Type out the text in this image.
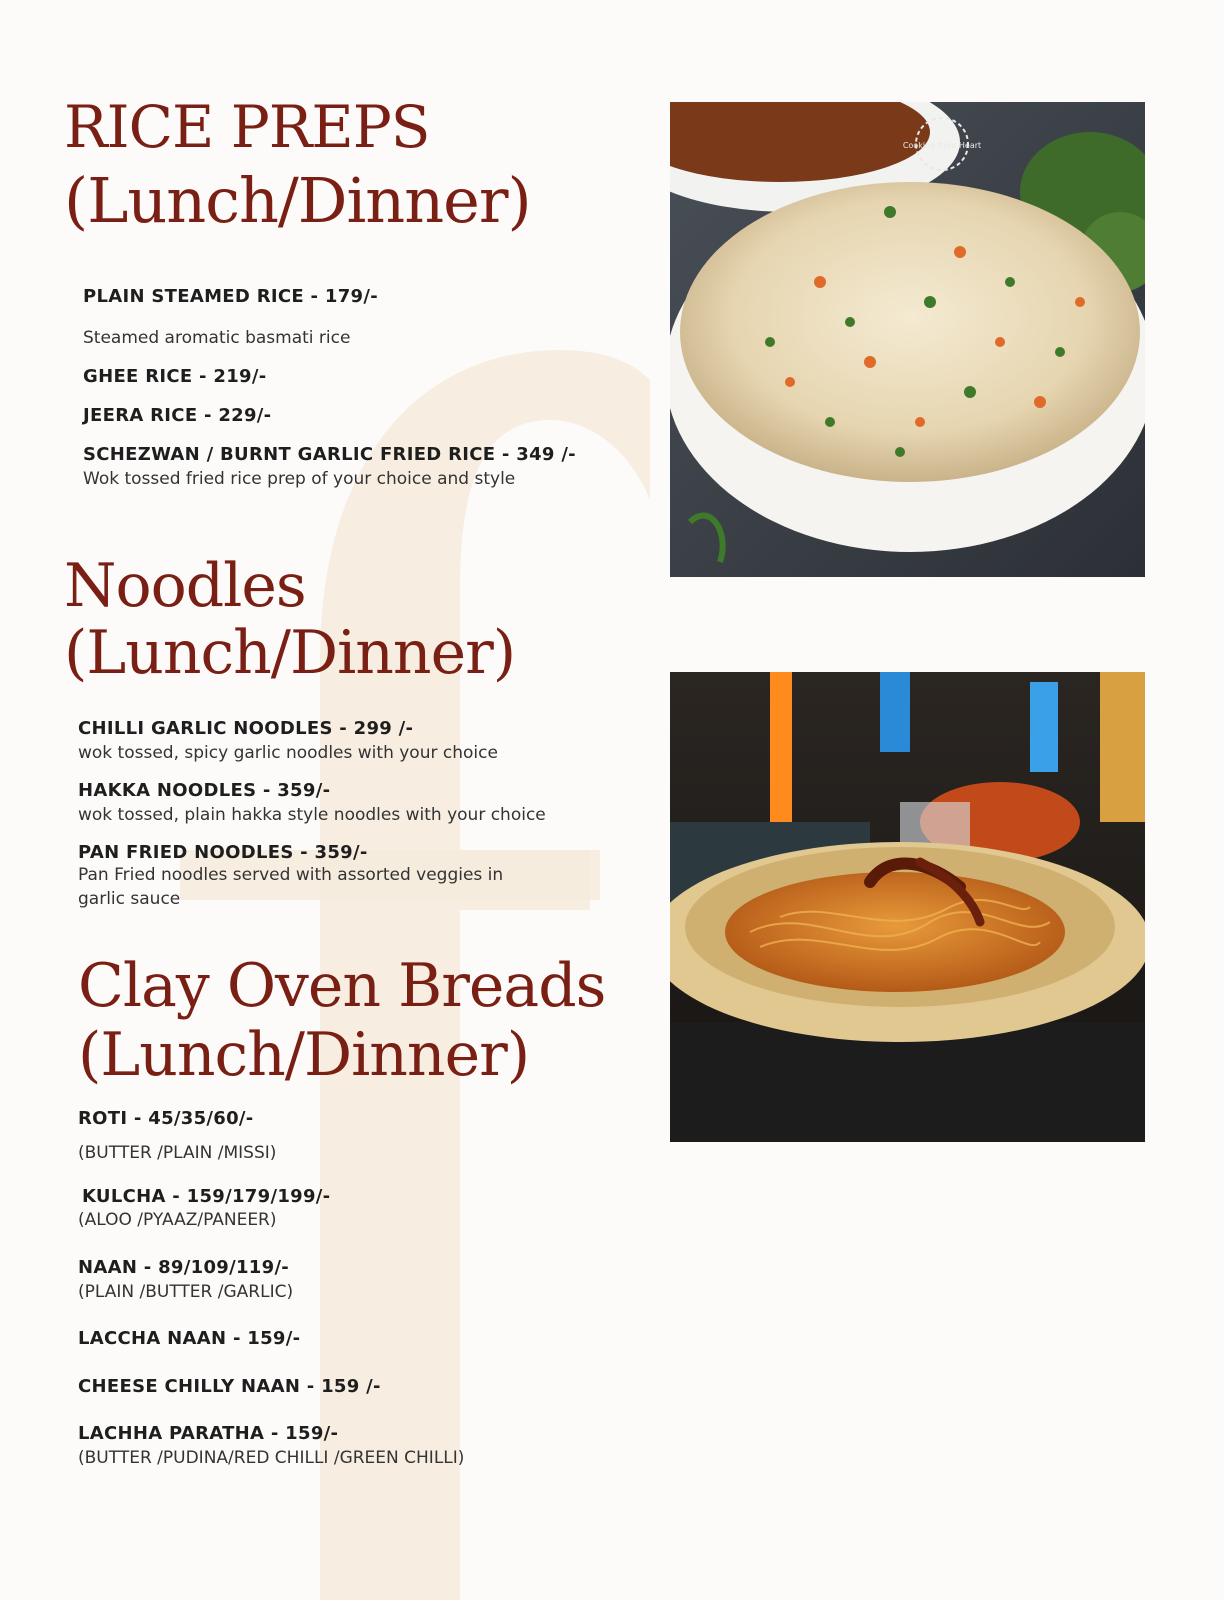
RICE PREPS
(Lunch/Dinner)
PLAIN STEAMED RICE - 179/-
Steamed aromatic basmati rice
GHEE RICE - 219/-
JEERA RICE - 229/-
SCHEZWAN / BURNT GARLIC FRIED RICE - 349 /-
Wok tossed fried rice prep of your choice and style
Noodles
(Lunch/Dinner)
CHILLI GARLIC NOODLES - 299 /-
wok tossed, spicy garlic noodles with your choice
HAKKA NOODLES - 359/-
wok tossed, plain hakka style noodles with your choice
PAN FRIED NOODLES - 359/-
Pan Fried noodles served with assorted veggies in
garlic sauce
Clay Oven Breads
(Lunch/Dinner)
ROTI - 45/35/60/-
(BUTTER /PLAIN /MISSI)
KULCHA - 159/179/199/-
(ALOO /PYAAZ/PANEER)
NAAN - 89/109/119/-
(PLAIN /BUTTER /GARLIC)
LACCHA NAAN - 159/-
CHEESE CHILLY NAAN - 159 /-
LACHHA PARATHA - 159/-
(BUTTER /PUDINA/RED CHILLI /GREEN CHILLI)
Cooking from Heart
